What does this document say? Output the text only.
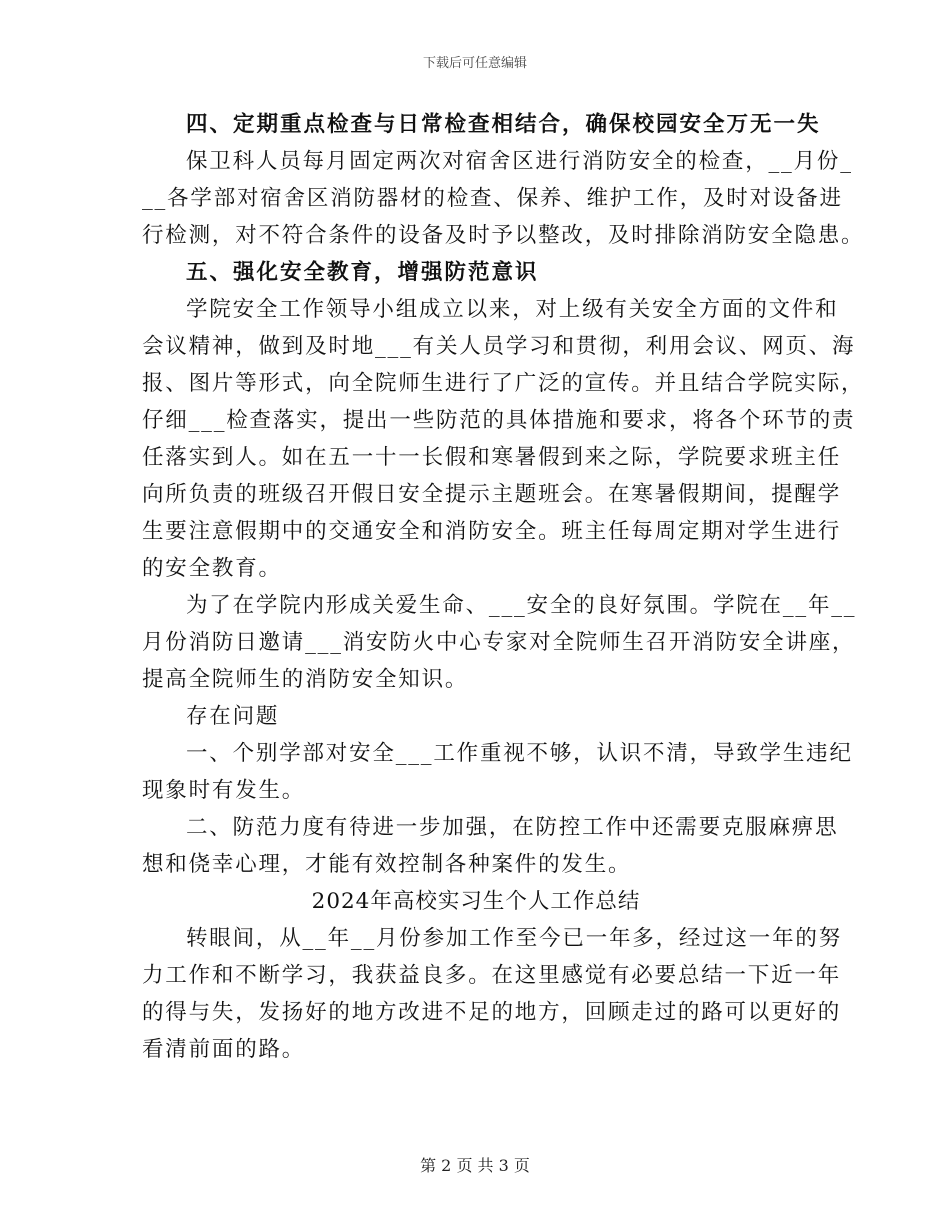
下载后可任意编辑
四、定期重点检查与日常检查相结合，确保校园安全万无一失
保卫科人员每月固定两次对宿舍区进行消防安全的检查，__月份_
__各学部对宿舍区消防器材的检查、保养、维护工作，及时对设备进
行检测，对不符合条件的设备及时予以整改，及时排除消防安全隐患。
五、强化安全教育，增强防范意识
学院安全工作领导小组成立以来，对上级有关安全方面的文件和
会议精神，做到及时地___有关人员学习和贯彻，利用会议、网页、海
报、图片等形式，向全院师生进行了广泛的宣传。并且结合学院实际，
仔细___检查落实，提出一些防范的具体措施和要求，将各个环节的责
任落实到人。如在五一十一长假和寒暑假到来之际，学院要求班主任
向所负责的班级召开假日安全提示主题班会。在寒暑假期间，提醒学
生要注意假期中的交通安全和消防安全。班主任每周定期对学生进行
的安全教育。
为了在学院内形成关爱生命、___安全的良好氛围。学院在__年__
月份消防日邀请___消安防火中心专家对全院师生召开消防安全讲座，
提高全院师生的消防安全知识。
存在问题
一、个别学部对安全___工作重视不够，认识不清，导致学生违纪
现象时有发生。
二、防范力度有待进一步加强，在防控工作中还需要克服麻痹思
想和侥幸心理，才能有效控制各种案件的发生。
2024年高校实习生个人工作总结
转眼间，从__年__月份参加工作至今已一年多，经过这一年的努
力工作和不断学习，我获益良多。在这里感觉有必要总结一下近一年
的得与失，发扬好的地方改进不足的地方，回顾走过的路可以更好的
看清前面的路。
第 2 页 共 3 页
